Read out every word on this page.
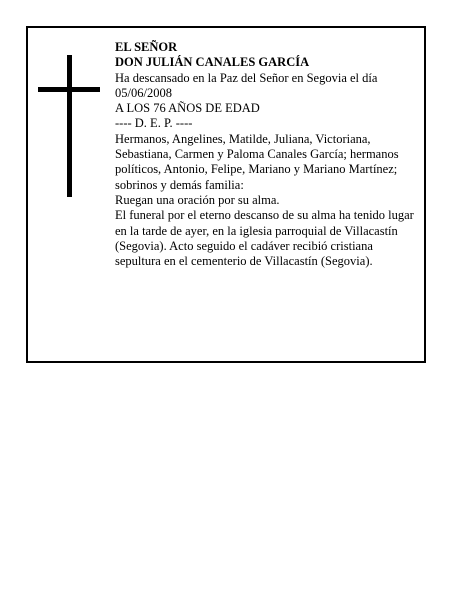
EL SEÑOR

DON JULIÁN CANALES GARCÍA

Ha descansado en la Paz del Señor en Segovia el día 05/06/2008

A LOS 76 AÑOS DE EDAD

---- D. E. P. ----

Hermanos, Angelines, Matilde, Juliana, Victoriana, Sebastiana, Carmen y Paloma Canales García; hermanos políticos, Antonio, Felipe, Mariano y Mariano Martínez; sobrinos y demás familia:

Ruegan una oración por su alma.

El funeral por el eterno descanso de su alma ha tenido lugar en la tarde de ayer, en la iglesia parroquial de Villacastín (Segovia). Acto seguido el cadáver recibió cristiana sepultura en el cementerio de Villacastín (Segovia).
